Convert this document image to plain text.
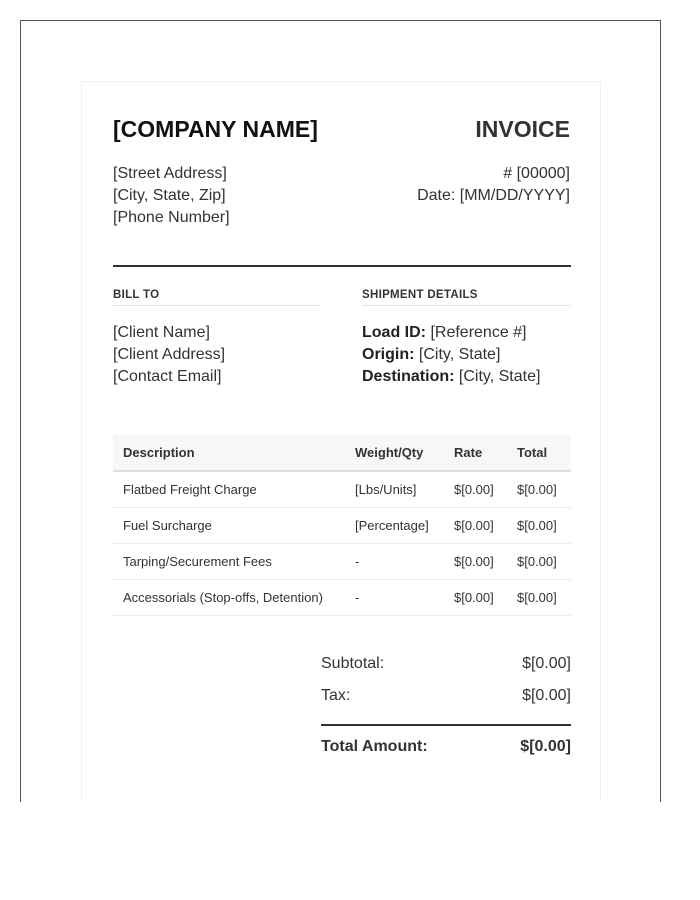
[COMPANY NAME]	INVOICE
[Street Address]
[City, State, Zip]
[Phone Number]
# [00000]
Date: [MM/DD/YYYY]
BILL TO	SHIPMENT DETAILS
[Client Name]
[Client Address]
[Contact Email]
Load ID: [Reference #]
Origin: [City, State]
Destination: [City, State]
Description	Weight/Qty	Rate	Total
Flatbed Freight Charge	[Lbs/Units]	$[0.00]	$[0.00]
Fuel Surcharge	[Percentage]	$[0.00]	$[0.00]
Tarping/Securement Fees	-	$[0.00]	$[0.00]
Accessorials (Stop-offs, Detention)	-	$[0.00]	$[0.00]
Subtotal:	$[0.00]
Tax:	$[0.00]
Total Amount:	$[0.00]
